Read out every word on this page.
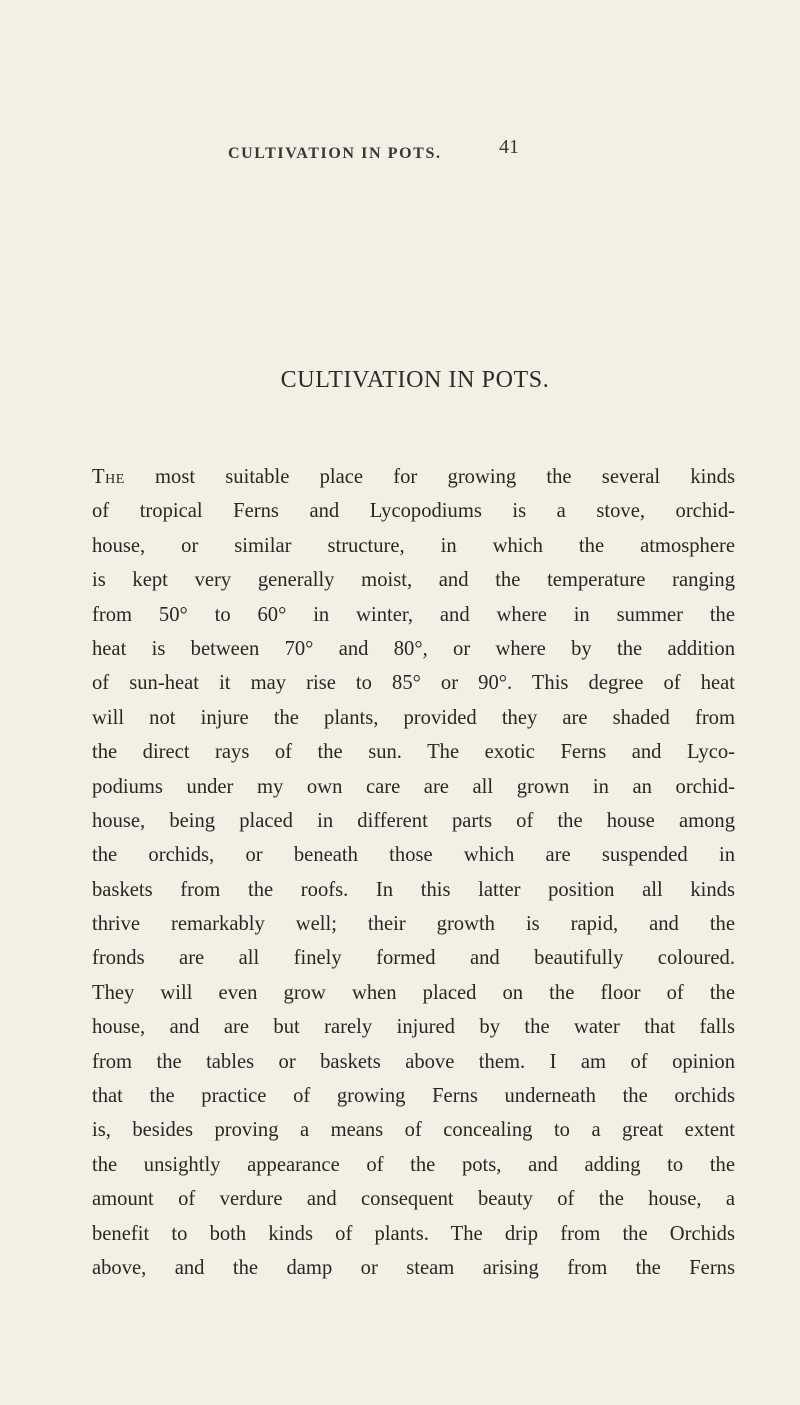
CULTIVATION IN POTS.	41
CULTIVATION IN POTS.
The most suitable place for growing the several kinds
of tropical Ferns and Lycopodiums is a stove, orchid-
house, or similar structure, in which the atmosphere
is kept very generally moist, and the temperature ranging
from 50° to 60° in winter, and where in summer the
heat is between 70° and 80°, or where by the addition
of sun-heat it may rise to 85° or 90°. This degree of heat
will not injure the plants, provided they are shaded from
the direct rays of the sun. The exotic Ferns and Lyco-
podiums under my own care are all grown in an orchid-
house, being placed in different parts of the house among
the orchids, or beneath those which are suspended in
baskets from the roofs. In this latter position all kinds
thrive remarkably well; their growth is rapid, and the
fronds are all finely formed and beautifully coloured.
They will even grow when placed on the floor of the
house, and are but rarely injured by the water that falls
from the tables or baskets above them. I am of opinion
that the practice of growing Ferns underneath the orchids
is, besides proving a means of concealing to a great extent
the unsightly appearance of the pots, and adding to the
amount of verdure and consequent beauty of the house, a
benefit to both kinds of plants. The drip from the Orchids
above, and the damp or steam arising from the Ferns
